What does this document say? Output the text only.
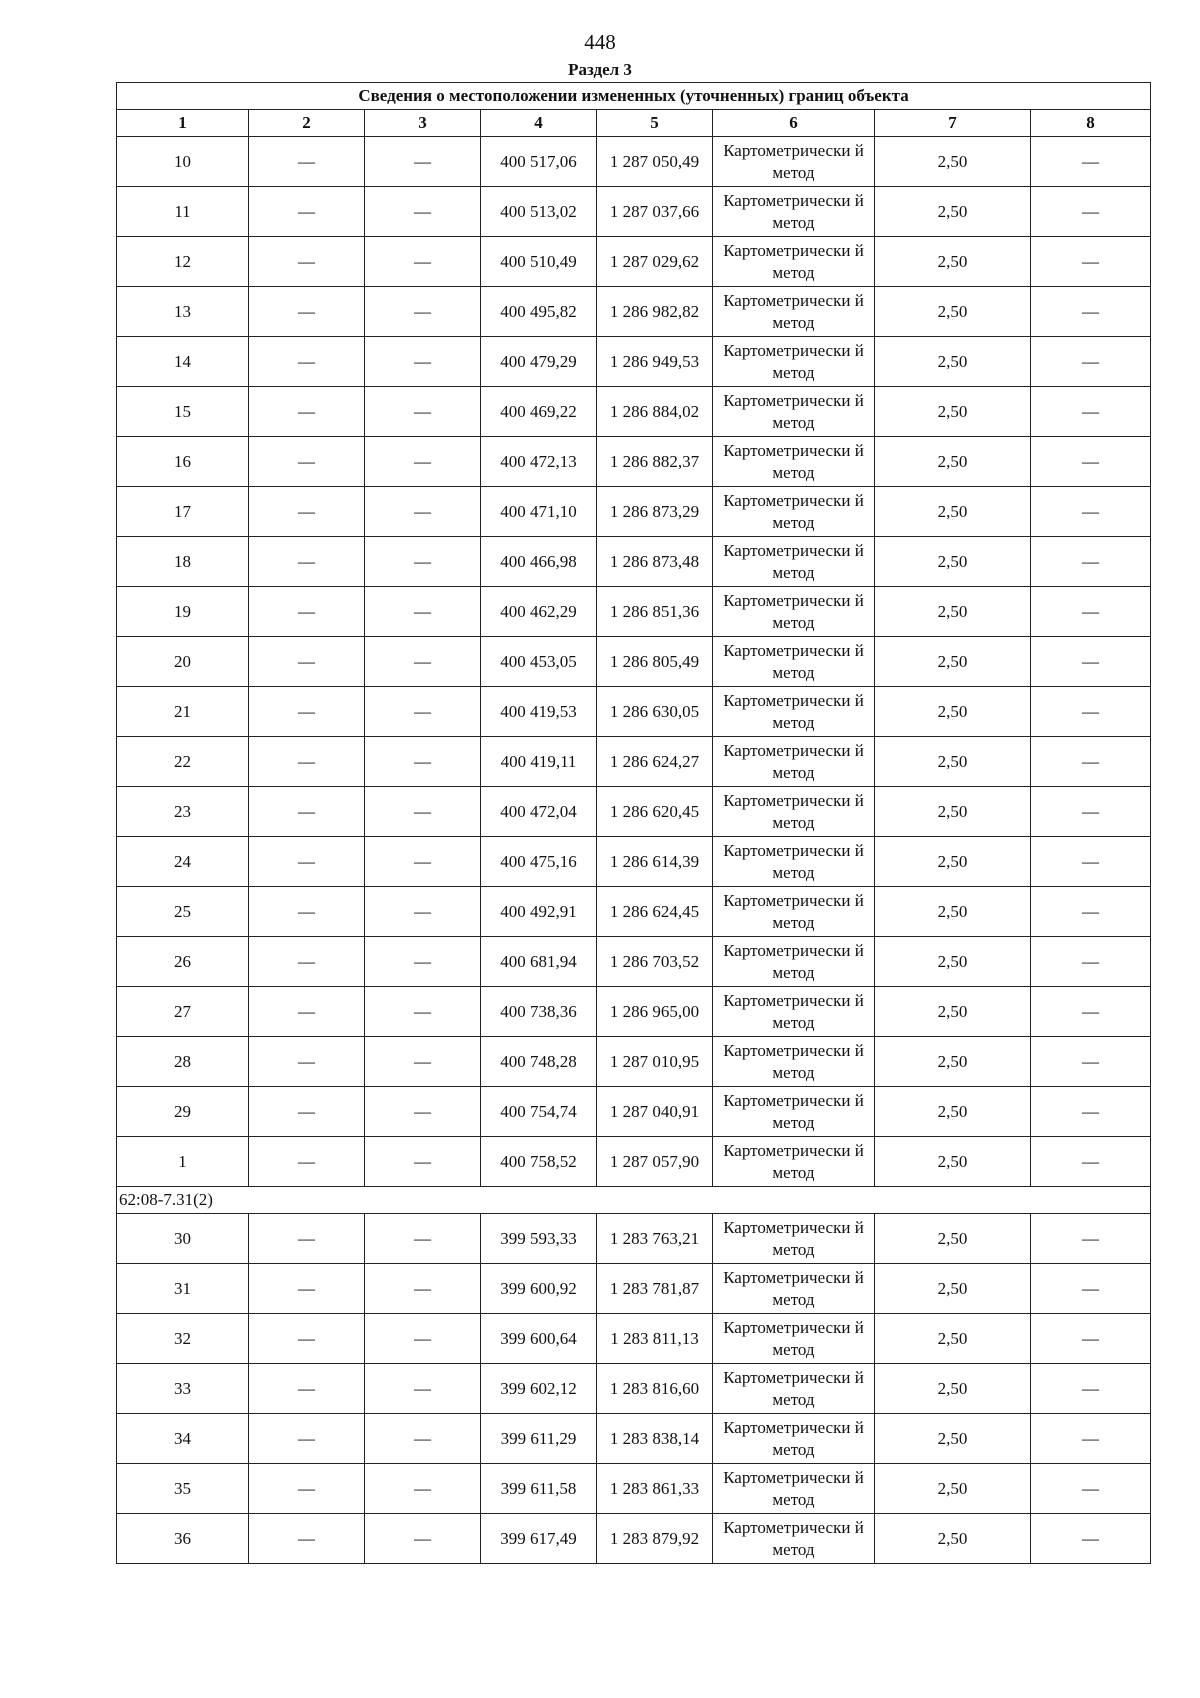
448
Раздел 3
Сведения о местоположении измененных (уточненных) границ объекта							
1	2	3	4	5	6	7	8
10	—	—	400 517,06	1 287 050,49	Картометрически й метод	2,50	—
11	—	—	400 513,02	1 287 037,66	Картометрически й метод	2,50	—
12	—	—	400 510,49	1 287 029,62	Картометрически й метод	2,50	—
13	—	—	400 495,82	1 286 982,82	Картометрически й метод	2,50	—
14	—	—	400 479,29	1 286 949,53	Картометрически й метод	2,50	—
15	—	—	400 469,22	1 286 884,02	Картометрически й метод	2,50	—
16	—	—	400 472,13	1 286 882,37	Картометрически й метод	2,50	—
17	—	—	400 471,10	1 286 873,29	Картометрически й метод	2,50	—
18	—	—	400 466,98	1 286 873,48	Картометрически й метод	2,50	—
19	—	—	400 462,29	1 286 851,36	Картометрически й метод	2,50	—
20	—	—	400 453,05	1 286 805,49	Картометрически й метод	2,50	—
21	—	—	400 419,53	1 286 630,05	Картометрически й метод	2,50	—
22	—	—	400 419,11	1 286 624,27	Картометрически й метод	2,50	—
23	—	—	400 472,04	1 286 620,45	Картометрически й метод	2,50	—
24	—	—	400 475,16	1 286 614,39	Картометрически й метод	2,50	—
25	—	—	400 492,91	1 286 624,45	Картометрически й метод	2,50	—
26	—	—	400 681,94	1 286 703,52	Картометрически й метод	2,50	—
27	—	—	400 738,36	1 286 965,00	Картометрически й метод	2,50	—
28	—	—	400 748,28	1 287 010,95	Картометрически й метод	2,50	—
29	—	—	400 754,74	1 287 040,91	Картометрически й метод	2,50	—
1	—	—	400 758,52	1 287 057,90	Картометрически й метод	2,50	—
62:08-7.31(2)							
30	—	—	399 593,33	1 283 763,21	Картометрически й метод	2,50	—
31	—	—	399 600,92	1 283 781,87	Картометрически й метод	2,50	—
32	—	—	399 600,64	1 283 811,13	Картометрически й метод	2,50	—
33	—	—	399 602,12	1 283 816,60	Картометрически й метод	2,50	—
34	—	—	399 611,29	1 283 838,14	Картометрически й метод	2,50	—
35	—	—	399 611,58	1 283 861,33	Картометрически й метод	2,50	—
36	—	—	399 617,49	1 283 879,92	Картометрически й метод	2,50	—
